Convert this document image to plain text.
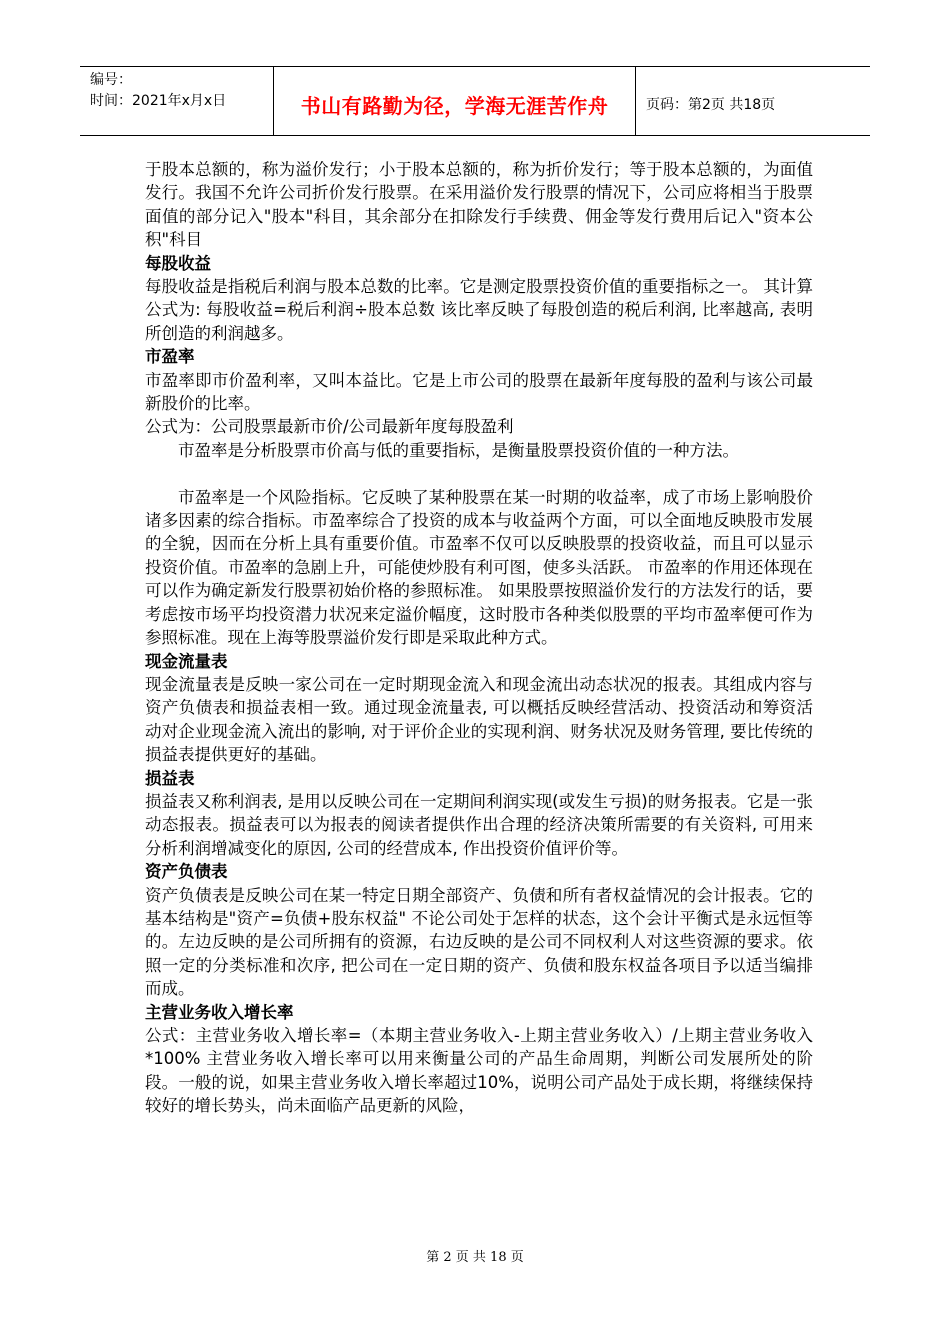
编号：
时间：2021年x月x日	书山有路勤为径，学海无涯苦作舟	页码：第2页 共18页

于股本总额的，称为溢价发行；小于股本总额的，称为折价发行；等于股本总额的，为面值发行。我国不允许公司折价发行股票。在采用溢价发行股票的情况下，公司应将相当于股票面值的部分记入"股本"科目，其余部分在扣除发行手续费、佣金等发行费用后记入"资本公积"科目

每股收益

每股收益是指税后利润与股本总数的比率。它是测定股票投资价值的重要指标之一。 其计算公式为: 每股收益=税后利润÷股本总数 该比率反映了每股创造的税后利润, 比率越高, 表明所创造的利润越多。

市盈率

市盈率即市价盈利率，又叫本益比。它是上市公司的股票在最新年度每股的盈利与该公司最新股价的比率。

公式为：公司股票最新市价/公司最新年度每股盈利

市盈率是分析股票市价高与低的重要指标，是衡量股票投资价值的一种方法。

市盈率是一个风险指标。它反映了某种股票在某一时期的收益率，成了市场上影响股价诸多因素的综合指标。市盈率综合了投资的成本与收益两个方面，可以全面地反映股市发展的全貌，因而在分析上具有重要价值。市盈率不仅可以反映股票的投资收益，而且可以显示投资价值。市盈率的急剧上升，可能使炒股有利可图，使多头活跃。 市盈率的作用还体现在可以作为确定新发行股票初始价格的参照标准。 如果股票按照溢价发行的方法发行的话，要考虑按市场平均投资潜力状况来定溢价幅度，这时股市各种类似股票的平均市盈率便可作为参照标准。现在上海等股票溢价发行即是采取此种方式。

现金流量表

现金流量表是反映一家公司在一定时期现金流入和现金流出动态状况的报表。其组成内容与资产负债表和损益表相一致。通过现金流量表, 可以概括反映经营活动、投资活动和筹资活动对企业现金流入流出的影响, 对于评价企业的实现利润、财务状况及财务管理, 要比传统的损益表提供更好的基础。

损益表

损益表又称利润表, 是用以反映公司在一定期间利润实现(或发生亏损)的财务报表。它是一张动态报表。损益表可以为报表的阅读者提供作出合理的经济决策所需要的有关资料, 可用来分析利润增减变化的原因, 公司的经营成本, 作出投资价值评价等。

资产负债表

资产负债表是反映公司在某一特定日期全部资产、负债和所有者权益情况的会计报表。它的基本结构是"资产=负债+股东权益" 不论公司处于怎样的状态，这个会计平衡式是永远恒等的。左边反映的是公司所拥有的资源，右边反映的是公司不同权利人对这些资源的要求。依照一定的分类标准和次序, 把公司在一定日期的资产、负债和股东权益各项目予以适当编排而成。

主营业务收入增长率

公式：主营业务收入增长率=（本期主营业务收入-上期主营业务收入）/上期主营业务收入*100% 主营业务收入增长率可以用来衡量公司的产品生命周期，判断公司发展所处的阶段。一般的说，如果主营业务收入增长率超过10%，说明公司产品处于成长期，将继续保持较好的增长势头，尚未面临产品更新的风险，

第 2 页 共 18 页
